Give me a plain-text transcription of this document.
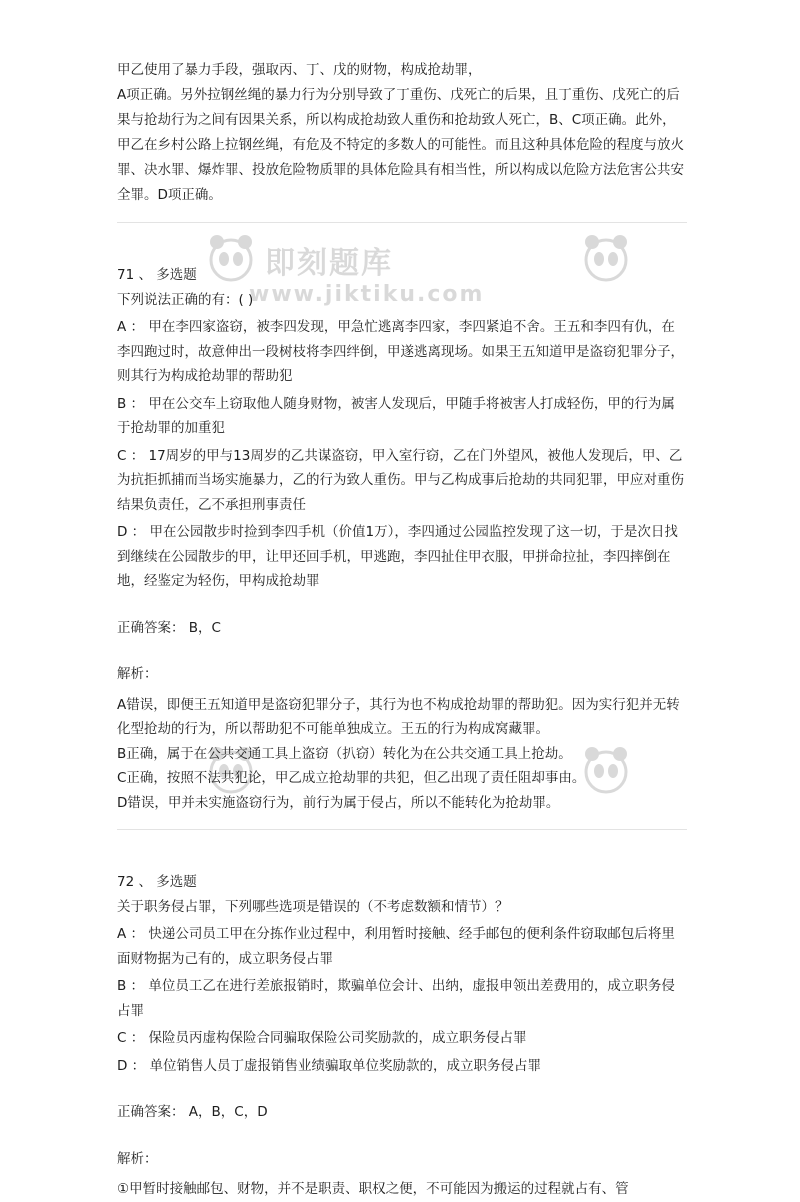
甲乙使用了暴力手段，强取丙、丁、戊的财物，构成抢劫罪，

A项正确。另外拉钢丝绳的暴力行为分别导致了丁重伤、戊死亡的后果，且丁重伤、戊死亡的后果与抢劫行为之间有因果关系，所以构成抢劫致人重伤和抢劫致人死亡，B、C项正确。此外，甲乙在乡村公路上拉钢丝绳，有危及不特定的多数人的可能性。而且这种具体危险的程度与放火罪、决水罪、爆炸罪、投放危险物质罪的具体危险具有相当性，所以构成以危险方法危害公共安全罪。D项正确。

71 、 多选题

下列说法正确的有：( )

A ： 甲在李四家盗窃，被李四发现，甲急忙逃离李四家，李四紧追不舍。王五和李四有仇，在李四跑过时，故意伸出一段树枝将李四绊倒，甲遂逃离现场。如果王五知道甲是盗窃犯罪分子，则其行为构成抢劫罪的帮助犯

B ： 甲在公交车上窃取他人随身财物，被害人发现后，甲随手将被害人打成轻伤，甲的行为属于抢劫罪的加重犯

C ： 17周岁的甲与13周岁的乙共谋盗窃，甲入室行窃，乙在门外望风，被他人发现后，甲、乙为抗拒抓捕而当场实施暴力，乙的行为致人重伤。甲与乙构成事后抢劫的共同犯罪，甲应对重伤结果负责任，乙不承担刑事责任

D ： 甲在公园散步时捡到李四手机（价值1万），李四通过公园监控发现了这一切，于是次日找到继续在公园散步的甲，让甲还回手机，甲逃跑，李四扯住甲衣服，甲拼命拉扯，李四摔倒在地，经鉴定为轻伤，甲构成抢劫罪

正确答案： B，C

解析：

A错误，即便王五知道甲是盗窃犯罪分子，其行为也不构成抢劫罪的帮助犯。因为实行犯并无转化型抢劫的行为，所以帮助犯不可能单独成立。王五的行为构成窝藏罪。

B正确，属于在公共交通工具上盗窃（扒窃）转化为在公共交通工具上抢劫。

C正确，按照不法共犯论，甲乙成立抢劫罪的共犯，但乙出现了责任阻却事由。

D错误，甲并未实施盗窃行为，前行为属于侵占，所以不能转化为抢劫罪。

72 、 多选题

关于职务侵占罪，下列哪些选项是错误的（不考虑数额和情节）？

A ： 快递公司员工甲在分拣作业过程中，利用暂时接触、经手邮包的便利条件窃取邮包后将里面财物据为己有的，成立职务侵占罪

B ： 单位员工乙在进行差旅报销时，欺骗单位会计、出纳，虚报申领出差费用的，成立职务侵占罪

C ： 保险员丙虚构保险合同骗取保险公司奖励款的，成立职务侵占罪

D ： 单位销售人员丁虚报销售业绩骗取单位奖励款的，成立职务侵占罪

正确答案： A，B，C，D

解析：

①甲暂时接触邮包、财物，并不是职责、职权之便，不可能因为搬运的过程就占有、管

即刻题库
www.jiktiku.com
